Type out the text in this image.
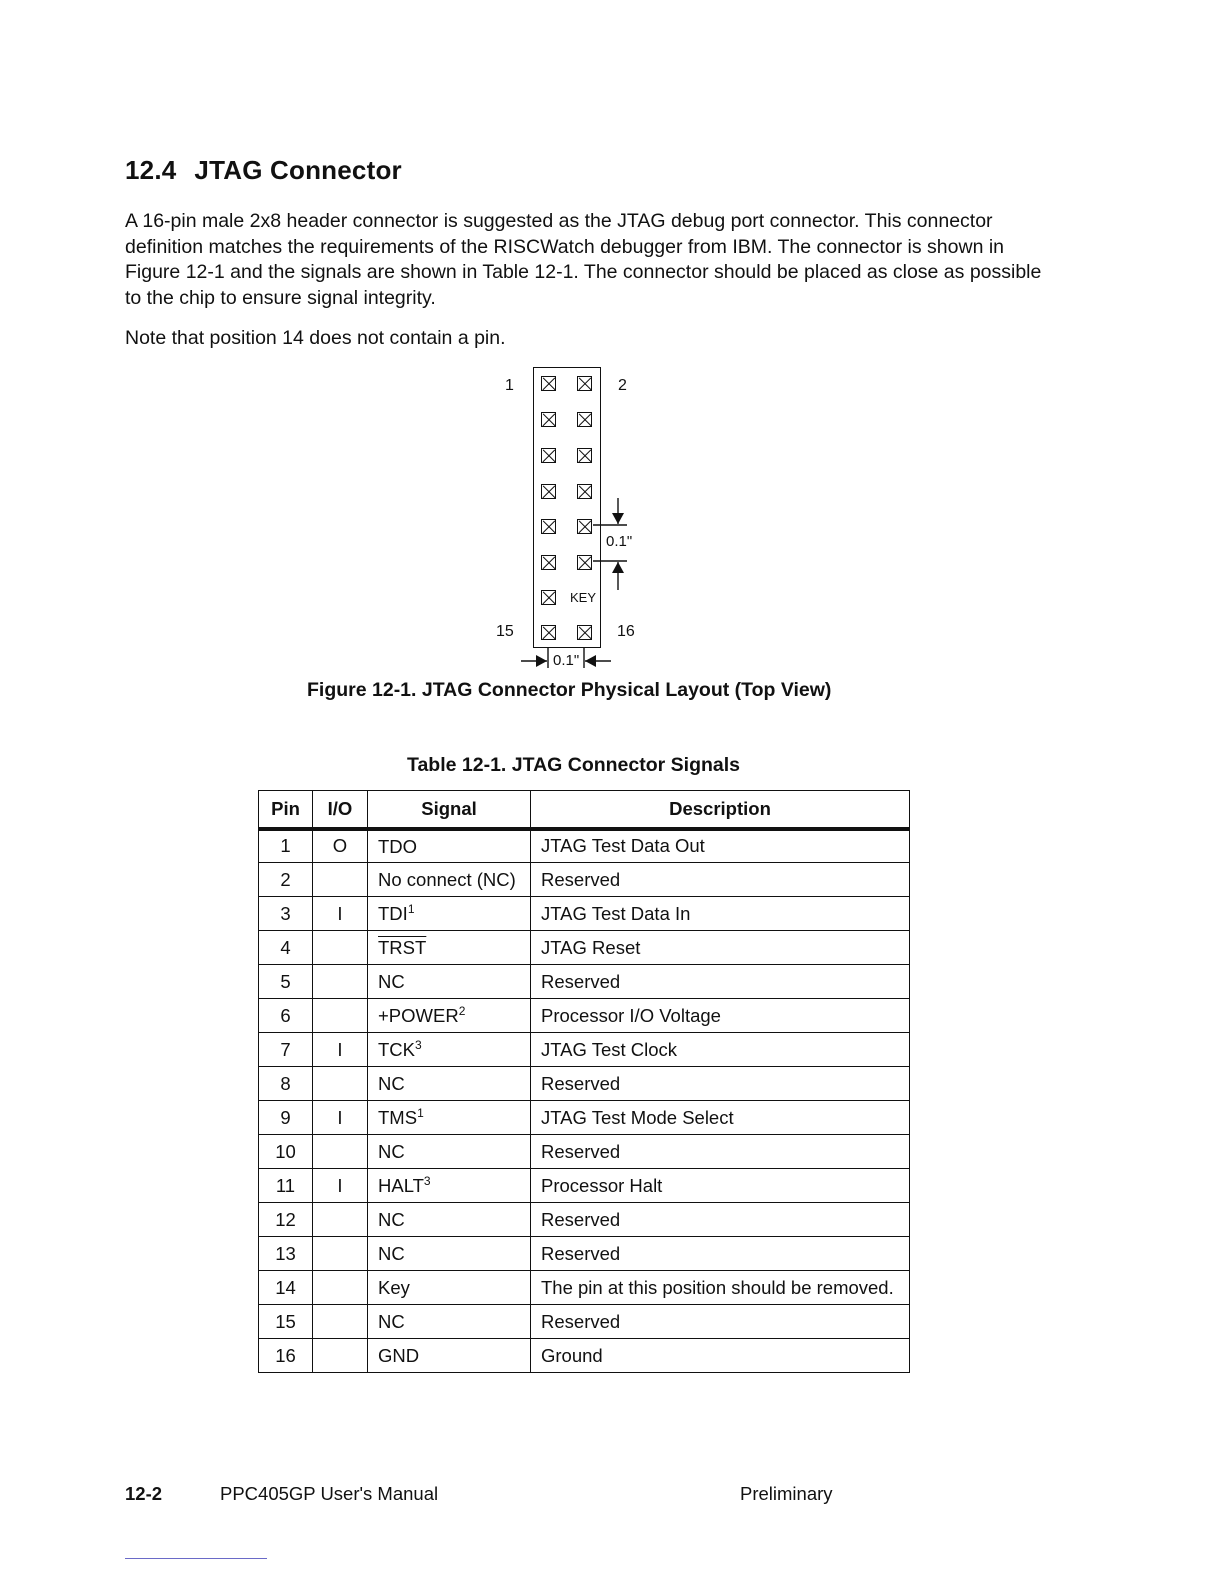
12.4 JTAG Connector

A 16-pin male 2x8 header connector is suggested as the JTAG debug port connector. This connector definition matches the requirements of the RISCWatch debugger from IBM. The connector is shown in Figure 12-1 and the signals are shown in Table 12-1. The connector should be placed as close as possible to the chip to ensure signal integrity.

Note that position 14 does not contain a pin.

1	2
15	16
KEY
0.1"
0.1"

Figure 12-1. JTAG Connector Physical Layout (Top View)

Table 12-1. JTAG Connector Signals

Pin	I/O	Signal	Description
1	O	TDO	JTAG Test Data Out
2		No connect (NC)	Reserved
3	I	TDI$^1$	JTAG Test Data In
4		TRST	JTAG Reset
5		NC	Reserved
6		$+POWER^2$	Processor I/O Voltage
7	I	TCK$^3$	JTAG Test Clock
8		NC	Reserved
9	I	TMS$^1$	JTAG Test Mode Select
10		NC	Reserved
11	I	HALT$^3$	Processor Halt
12		NC	Reserved
13		NC	Reserved
14		Key	The pin at this position should be removed.
15		NC	Reserved
16		GND	Ground

12-2	PPC405GP User's Manual	Preliminary
